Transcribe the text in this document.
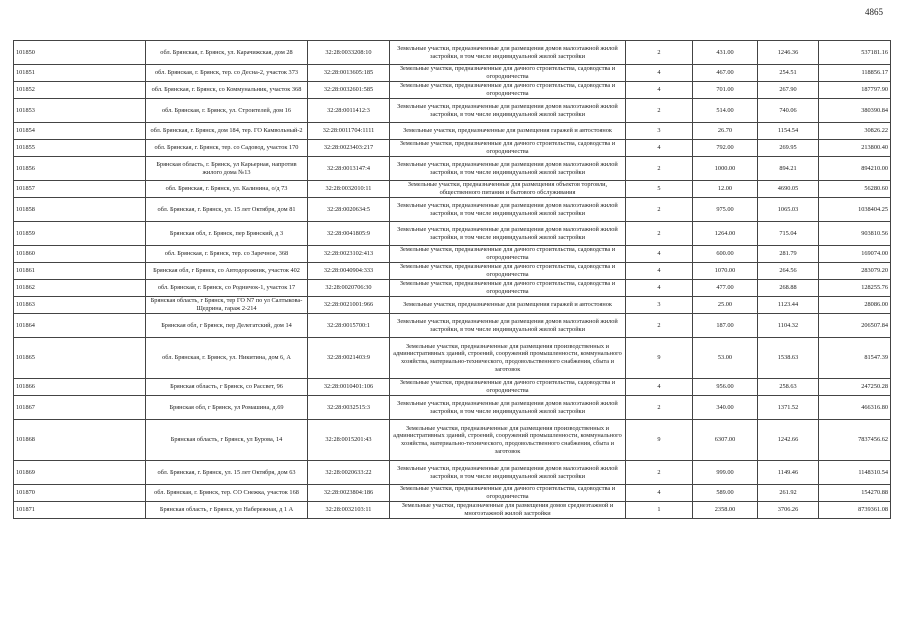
4865
101850	обл. Брянская, г. Брянск, ул. Карачижская, дом 28	32:28:0033208:10	Земельные участки, предназначенные для размещения домов малоэтажной жилой застройки, в том числе индивидуальной жилой застройки	2	431.00	1246.36	537181.16
101851	обл. Брянская, г. Брянск, тер. со Десна-2, участок 373	32:28:0013605:185	Земельные участки, предназначенные для дачного строительства, садоводства и огородничества	4	467.00	254.51	118856.17
101852	обл. Брянская, г. Брянск, со Коммунальник, участок 368	32:28:0032601:585	Земельные участки, предназначенные для дачного строительства, садоводства и огородничества	4	701.00	267.90	187797.90
101853	обл. Брянская, г. Брянск, ул. Строителей, дом 16	32:28:0011412:3	Земельные участки, предназначенные для размещения домов малоэтажной жилой застройки, в том числе индивидуальной жилой застройки	2	514.00	740.06	380390.84
101854	обл. Брянская, г. Брянск, дом 184, тер. ГО Камвольный-2	32:28:0011704:1111	Земельные участки, предназначенные для размещения гаражей и автостоянок	3	26.70	1154.54	30826.22
101855	обл. Брянская, г. Брянск, тер. со Садовод, участок 170	32:28:0023403:217	Земельные участки, предназначенные для дачного строительства, садоводства и огородничества	4	792.00	269.95	213800.40
101856	Брянская область, г. Брянск, ул Карьерная, напротив жилого дома №13	32:28:0013147:4	Земельные участки, предназначенные для размещения домов малоэтажной жилой застройки, в том числе индивидуальной жилой застройки	2	1000.00	894.21	894210.00
101857	обл. Брянская, г. Брянск, ул. Калинина, о/д 73	32:28:0032010:11	Земельные участки, предназначенные для размещения объектов торговли, общественного питания и бытового обслуживания	5	12.00	4690.05	56280.60
101858	обл. Брянская, г. Брянск, ул. 15 лет Октября, дом 81	32:28:0020634:5	Земельные участки, предназначенные для размещения домов малоэтажной жилой застройки, в том числе индивидуальной жилой застройки	2	975.00	1065.03	1038404.25
101859	Брянская обл, г. Брянск, пер Брянский, д 3	32:28:0041805:9	Земельные участки, предназначенные для размещения домов малоэтажной жилой застройки, в том числе индивидуальной жилой застройки	2	1264.00	715.04	903810.56
101860	обл. Брянская, г. Брянск, тер. со Заречное, 368	32:28:0023102:413	Земельные участки, предназначенные для дачного строительства, садоводства и огородничества	4	600.00	281.79	169074.00
101861	Брянская обл, г Брянск, со Автодорожник, участок 402	32:28:0040904:333	Земельные участки, предназначенные для дачного строительства, садоводства и огородничества	4	1070.00	264.56	283079.20
101862	обл. Брянская, г. Брянск, со Родничок-1, участок 17	32:28:0020706:30	Земельные участки, предназначенные для дачного строительства, садоводства и огородничества	4	477.00	268.88	128255.76
101863	Брянская область, г Брянск, тер ГО N7 по ул Салтыкова-Щедрина, гараж 2-214	32:28:0021001:966	Земельные участки, предназначенные для размещения гаражей и автостоянок	3	25.00	1123.44	28086.00
101864	Брянская обл, г Брянск, пер Делегатский, дом 14	32:28:0015700:1	Земельные участки, предназначенные для размещения домов малоэтажной жилой застройки, в том числе индивидуальной жилой застройки	2	187.00	1104.32	206507.84
101865	обл. Брянская, г. Брянск, ул. Никитина, дом 6, А	32:28:0021403:9	Земельные участки, предназначенные для размещения производственных и административных зданий, строений, сооружений промышленности, коммунального хозяйства, материально-технического, продовольственного снабжения, сбыта и заготовок	9	53.00	1538.63	81547.39
101866	Брянская область, г Брянск, со Рассвет, 96	32:28:0010401:106	Земельные участки, предназначенные для дачного строительства, садоводства и огородничества	4	956.00	258.63	247250.28
101867	Брянская обл, г Брянск, ул Ромашина, д.69	32:28:0032515:3	Земельные участки, предназначенные для размещения домов малоэтажной жилой застройки, в том числе индивидуальной жилой застройки	2	340.00	1371.52	466316.80
101868	Брянская область, г Брянск, ул Бурова, 14	32:28:0015201:43	Земельные участки, предназначенные для размещения производственных и административных зданий, строений, сооружений промышленности, коммунального хозяйства, материально-технического, продовольственного снабжения, сбыта и заготовок	9	6307.00	1242.66	7837456.62
101869	обл. Брянская, г. Брянск, ул. 15 лет Октября, дом 63	32:28:0020633:22	Земельные участки, предназначенные для размещения домов малоэтажной жилой застройки, в том числе индивидуальной жилой застройки	2	999.00	1149.46	1148310.54
101870	обл. Брянская, г. Брянск, тер. СО Снежка, участок 168	32:28:0023804:186	Земельные участки, предназначенные для дачного строительства, садоводства и огородничества	4	589.00	261.92	154270.88
101871	Брянская область, г Брянск, ул Набережная, д 1 А	32:28:0032103:11	Земельные участки, предназначенные для размещения домов среднеэтажной и многоэтажной жилой застройки	1	2358.00	3706.26	8739361.08
